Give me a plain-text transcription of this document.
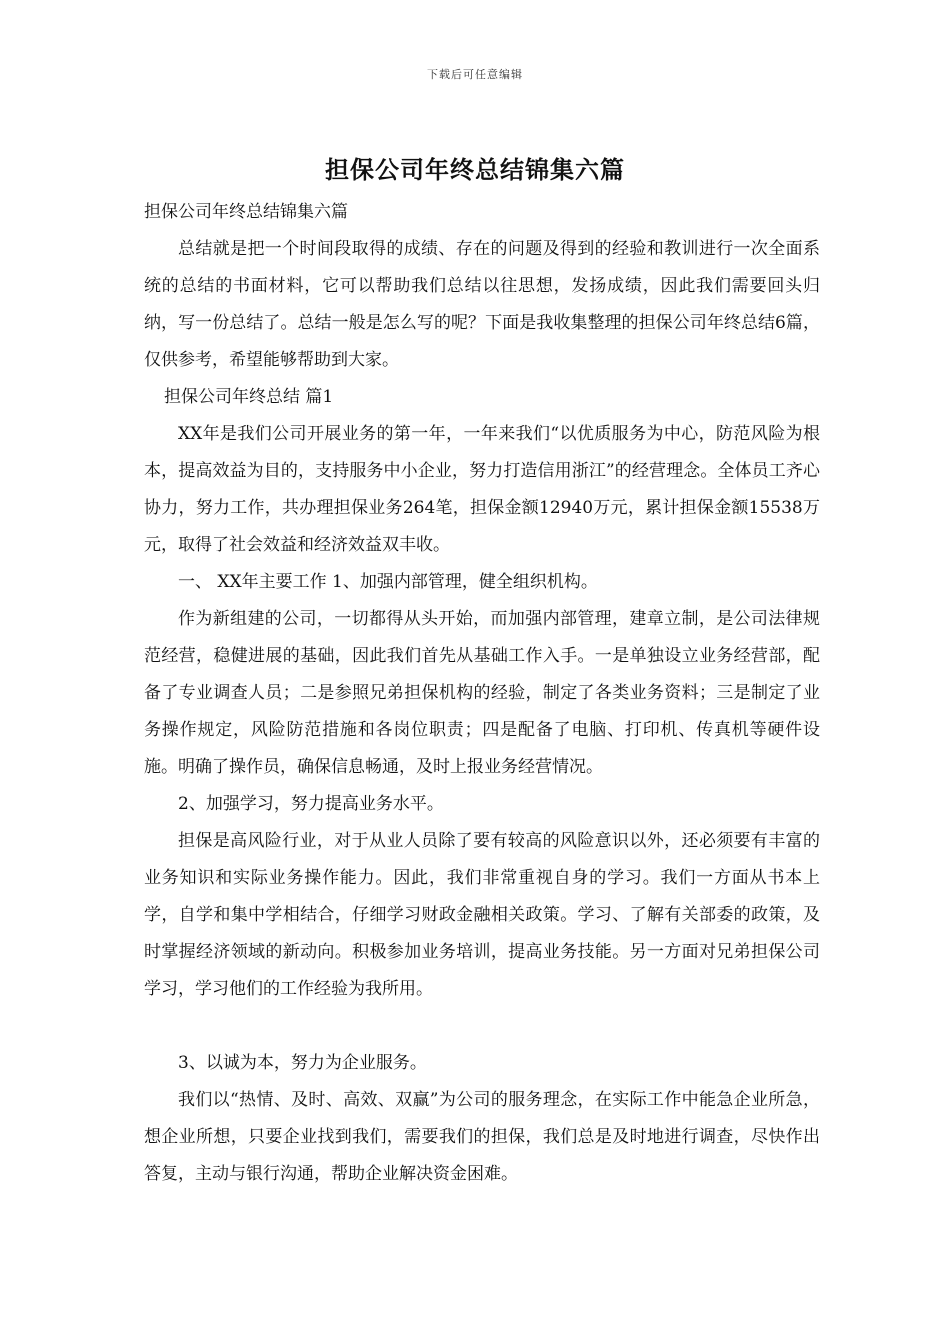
下载后可任意编辑
担保公司年终总结锦集六篇

担保公司年终总结锦集六篇

总结就是把一个时间段取得的成绩、存在的问题及得到的经验和教训进行一次全面系统的总结的书面材料，它可以帮助我们总结以往思想，发扬成绩，因此我们需要回头归纳，写一份总结了。总结一般是怎么写的呢？下面是我收集整理的担保公司年终总结6篇，仅供参考，希望能够帮助到大家。

担保公司年终总结 篇1

XX年是我们公司开展业务的第一年，一年来我们“以优质服务为中心，防范风险为根本，提高效益为目的，支持服务中小企业，努力打造信用浙江”的经营理念。全体员工齐心协力，努力工作，共办理担保业务264笔，担保金额12940万元，累计担保金额15538万元，取得了社会效益和经济效益双丰收。

一、 XX年主要工作 1、加强内部管理，健全组织机构。

作为新组建的公司，一切都得从头开始，而加强内部管理，建章立制，是公司法律规范经营，稳健进展的基础，因此我们首先从基础工作入手。一是单独设立业务经营部，配备了专业调查人员；二是参照兄弟担保机构的经验，制定了各类业务资料；三是制定了业务操作规定，风险防范措施和各岗位职责；四是配备了电脑、打印机、传真机等硬件设施。明确了操作员，确保信息畅通，及时上报业务经营情况。

2、加强学习，努力提高业务水平。

担保是高风险行业，对于从业人员除了要有较高的风险意识以外，还必须要有丰富的业务知识和实际业务操作能力。因此，我们非常重视自身的学习。我们一方面从书本上学，自学和集中学相结合，仔细学习财政金融相关政策。学习、了解有关部委的政策，及时掌握经济领域的新动向。积极参加业务培训，提高业务技能。另一方面对兄弟担保公司学习，学习他们的工作经验为我所用。

3、以诚为本，努力为企业服务。

我们以“热情、及时、高效、双赢”为公司的服务理念，在实际工作中能急企业所急，想企业所想，只要企业找到我们，需要我们的担保，我们总是及时地进行调查，尽快作出答复，主动与银行沟通，帮助企业解决资金困难。
